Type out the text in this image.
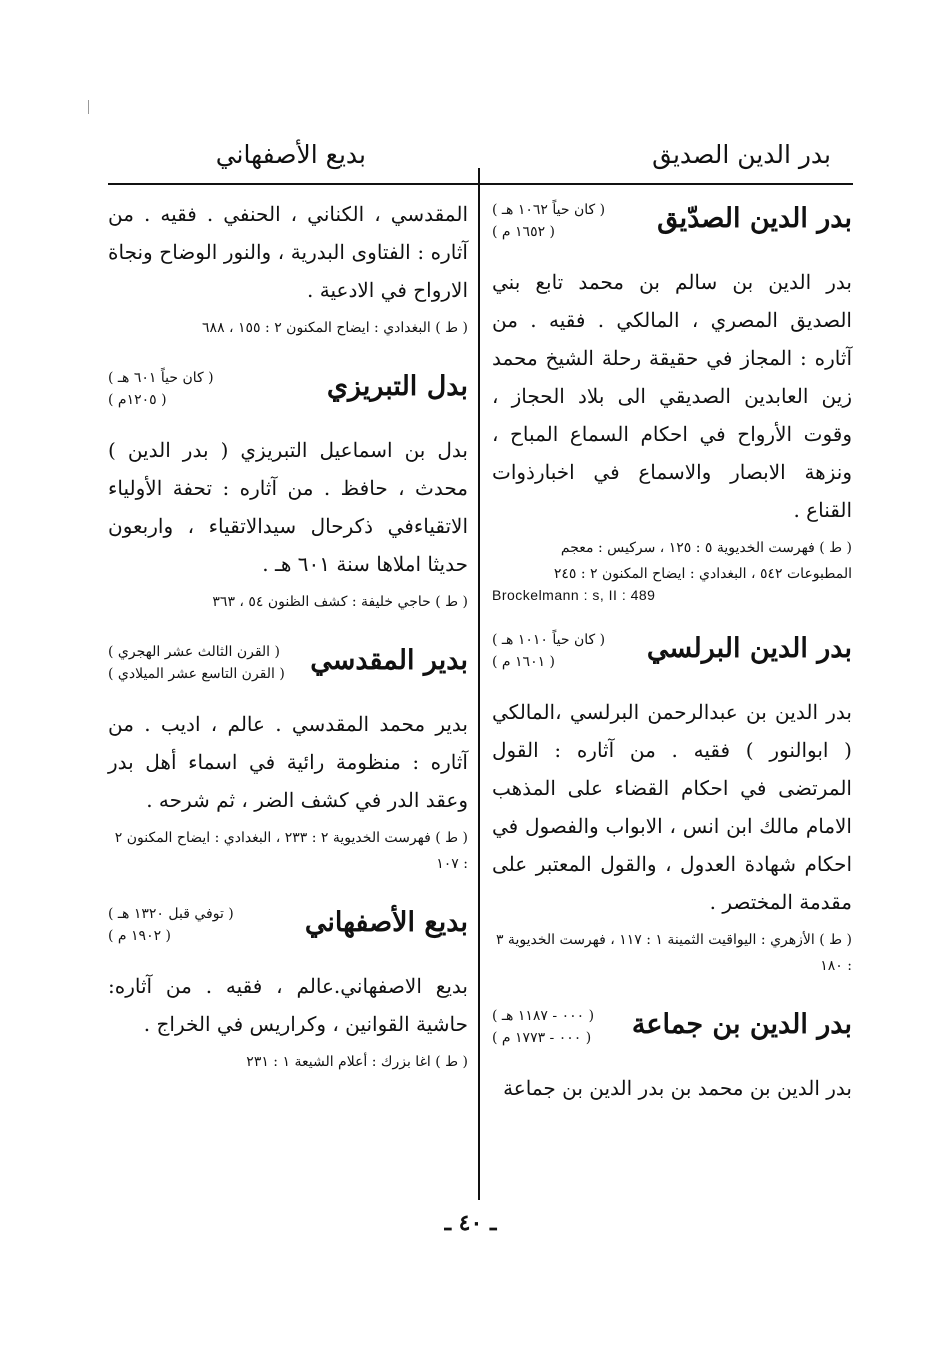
بدر الدين الصديق
بديع الأصفهاني
بدر الدين الصدّيق
( كان حياً ١٠٦٢ هـ )
( ١٦٥٢ م )

بدر الدين بن سالم بن محمد تابع بني الصديق المصري ، المالكي . فقيه . من آثاره : المجاز في حقيقة رحلة الشيخ محمد زين العابدين الصديقي الى بلاد الحجاز ، وقوت الأرواح في احكام السماع المباح ، ونزهة الابصار والاسماع في اخبارذوات القناع .

( ط ) فهرست الخديوية ٥ : ١٢٥ ، سركيس : معجم المطبوعات ٥٤٢ ، البغدادي : ايضاح المكنون ٢ : ٢٤٥

Brockelmann : s, II : 489

بدر الدين البرلسي
( كان حياً ١٠١٠ هـ )
( ١٦٠١ م )

بدر الدين بن عبدالرحمن البرلسي ،المالكي ( ابوالنور ) فقيه . من آثاره : القول المرتضى في احكام القضاء على المذهب الامام مالك ابن انس ، الابواب والفصول في احكام شهادة العدول ، والقول المعتبر على مقدمة المختصر .

( ط ) الأزهري : اليواقيت الثمينة ١ : ١١٧ ، فهرست الخديوية ٣ : ١٨٠

بدر الدين بن جماعة
( ٠٠٠ - ١١٨٧ هـ )
( ٠٠٠ - ١٧٧٣ م )

بدر الدين بن محمد بن بدر الدين بن جماعة

المقدسي ، الكناني ، الحنفي . فقيه . من آثاره : الفتاوى البدرية ، والنور الوضاح ونجاة الارواح في الادعية .

( ط ) البغدادي : ايضاح المكنون ٢ : ١٥٥ ، ٦٨٨

بدل التبريزي
( كان حياً ٦٠١ هـ )
( ١٢٠٥م )

بدل بن اسماعيل التبريزي ( بدر الدين ) محدث ، حافظ . من آثاره : تحفة الأولياء الاتقياءفي ذكرحال سيدالاتقياء ، واربعون حديثا املاها سنة ٦٠١ هـ .

( ط ) حاجي خليفة : كشف الظنون ٥٤ ، ٣٦٣

بدير المقدسي
( القرن الثالث عشر الهجري )
( القرن التاسع عشر الميلادي )

بدير محمد المقدسي . عالم ، اديب . من آثاره : منظومة رائية في اسماء أهل بدر وعقد الدر في كشف الضر ، ثم شرحه .

( ط ) فهرست الخديوية ٢ : ٢٣٣ ، البغدادي : ايضاح المكنون ٢ : ١٠٧

بديع الأصفهاني
( توفي قبل ١٣٢٠ هـ )
( ١٩٠٢ م )

بديع الاصفهاني.عالم ، فقيه . من آثاره: حاشية القوانين ، وكراريس في الخراج .

( ط ) اغا بزرك : أعلام الشيعة ١ : ٢٣١

ـ ٤٠ ـ
